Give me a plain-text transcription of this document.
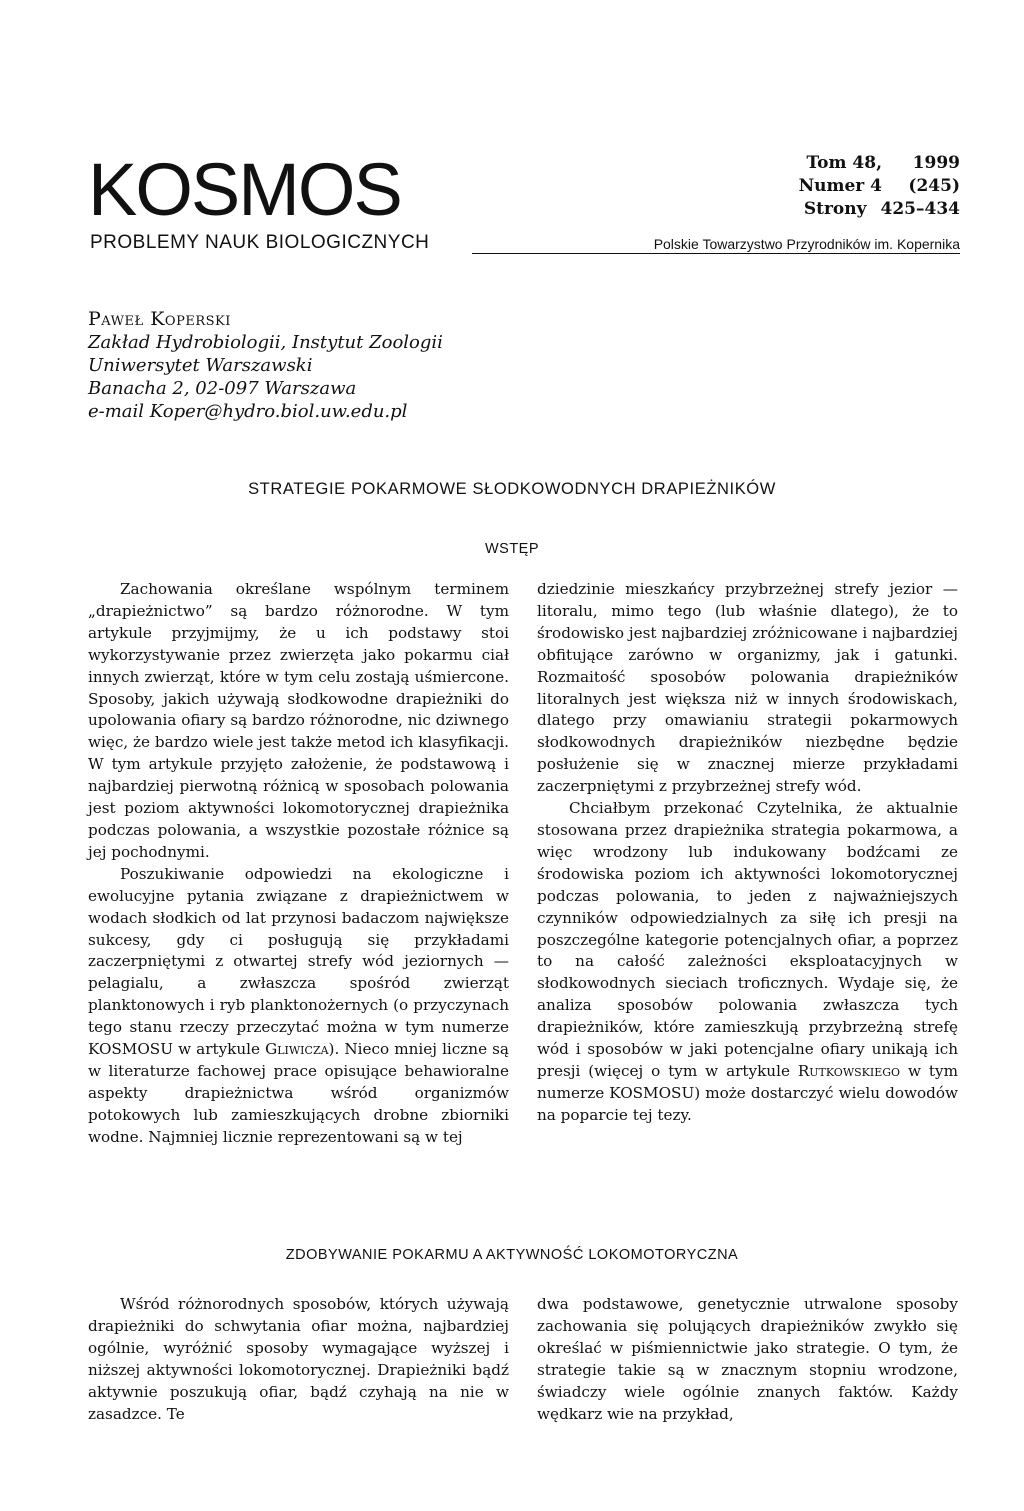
KOSMOS
PROBLEMY NAUK BIOLOGICZNYCH
Tom 48,	1999
Numer 4	(245)
Strony 425–434
Polskie Towarzystwo Przyrodników im. Kopernika
Paweł Koperski
Zakład Hydrobiologii, Instytut Zoologii
Uniwersytet Warszawski
Banacha 2, 02-097 Warszawa
e-mail Koper@hydro.biol.uw.edu.pl
STRATEGIE POKARMOWE SŁODKOWODNYCH DRAPIEŻNIKÓW
WSTĘP

Zachowania określane wspólnym terminem „drapieżnictwo” są bardzo różnorodne. W tym artykule przyjmijmy, że u ich podstawy stoi wykorzystywanie przez zwierzęta jako pokarmu ciał innych zwierząt, które w tym celu zostają uśmiercone. Sposoby, jakich używają słodkowodne drapieżniki do upolowania ofiary są bardzo różnorodne, nic dziwnego więc, że bardzo wiele jest także metod ich klasyfikacji. W tym artykule przyjęto założenie, że podstawową i najbardziej pierwotną różnicą w sposobach polowania jest poziom aktywności lokomotorycznej drapieżnika podczas polowania, a wszystkie pozostałe różnice są jej pochodnymi.

Poszukiwanie odpowiedzi na ekologiczne i ewolucyjne pytania związane z drapieżnictwem w wodach słodkich od lat przynosi badaczom największe sukcesy, gdy ci posługują się przykładami zaczerpniętymi z otwartej strefy wód jeziornych — pelagialu, a zwłaszcza spośród zwierząt planktonowych i ryb planktonożernych (o przyczynach tego stanu rzeczy przeczytać można w tym numerze KOSMOSU w artykule Gliwicza). Nieco mniej liczne są w literaturze fachowej prace opisujące behawioralne aspekty drapieżnictwa wśród organizmów potokowych lub zamieszkujących drobne zbiorniki wodne. Najmniej licznie reprezentowani są w tej

dziedzinie mieszkańcy przybrzeżnej strefy jezior — litoralu, mimo tego (lub właśnie dlatego), że to środowisko jest najbardziej zróżnicowane i najbardziej obfitujące zarówno w organizmy, jak i gatunki. Rozmaitość sposobów polowania drapieżników litoralnych jest większa niż w innych środowiskach, dlatego przy omawianiu strategii pokarmowych słodkowodnych drapieżników niezbędne będzie posłużenie się w znacznej mierze przykładami zaczerpniętymi z przybrzeżnej strefy wód.

Chciałbym przekonać Czytelnika, że aktualnie stosowana przez drapieżnika strategia pokarmowa, a więc wrodzony lub indukowany bodźcami ze środowiska poziom ich aktywności lokomotorycznej podczas polowania, to jeden z najważniejszych czynników odpowiedzialnych za siłę ich presji na poszczególne kategorie potencjalnych ofiar, a poprzez to na całość zależności eksploatacyjnych w słodkowodnych sieciach troficznych. Wydaje się, że analiza sposobów polowania zwłaszcza tych drapieżników, które zamieszkują przybrzeżną strefę wód i sposobów w jaki potencjalne ofiary unikają ich presji (więcej o tym w artykule Rutkowskiego w tym numerze KOSMOSU) może dostarczyć wielu dowodów na poparcie tej tezy.

ZDOBYWANIE POKARMU A AKTYWNOŚĆ LOKOMOTORYCZNA

Wśród różnorodnych sposobów, których używają drapieżniki do schwytania ofiar można, najbardziej ogólnie, wyróżnić sposoby wymagające wyższej i niższej aktywności lokomotorycznej. Drapieżniki bądź aktywnie poszukują ofiar, bądź czyhają na nie w zasadzce. Te

dwa podstawowe, genetycznie utrwalone sposoby zachowania się polujących drapieżników zwykło się określać w piśmiennictwie jako strategie. O tym, że strategie takie są w znacznym stopniu wrodzone, świadczy wiele ogólnie znanych faktów. Każdy wędkarz wie na przykład,
